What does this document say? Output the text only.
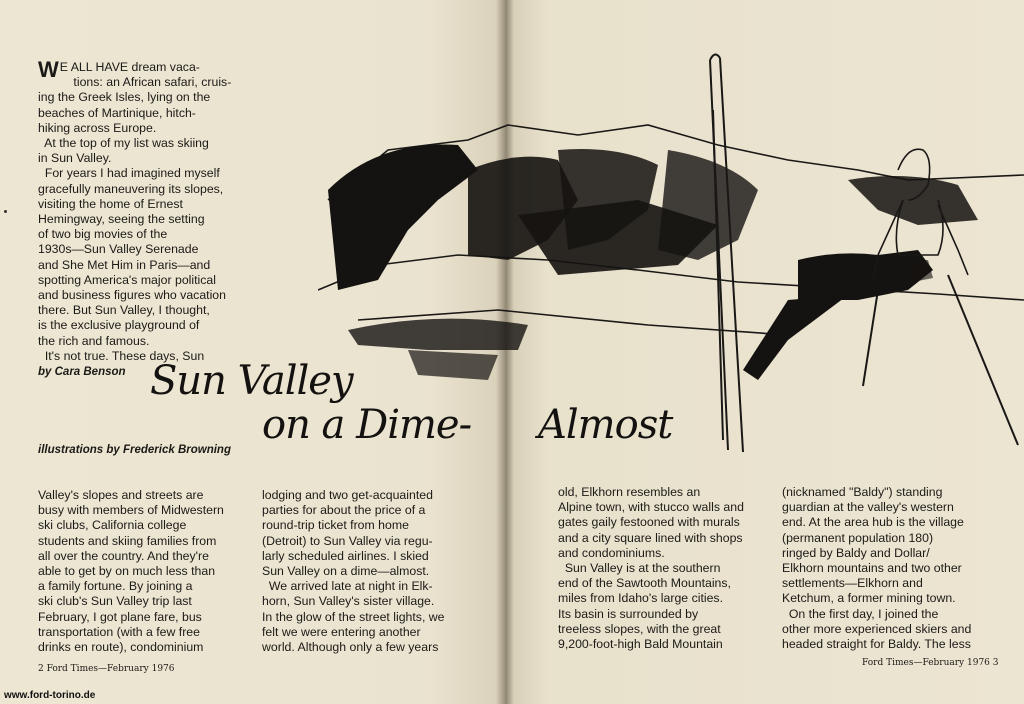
W E ALL HAVE dream vaca-
tions: an African safari, cruis-
ing the Greek Isles, lying on the
beaches of Martinique, hitch-
hiking across Europe.
At the top of my list was skiing
in Sun Valley.
For years I had imagined myself
gracefully maneuvering its slopes,
visiting the home of Ernest
Hemingway, seeing the setting
of two big movies of the
1930s—Sun Valley Serenade
and She Met Him in Paris—and
spotting America's major political
and business figures who vacation
there. But Sun Valley, I thought,
is the exclusive playground of
the rich and famous.
It's not true. These days, Sun
by Cara Benson
illustrations by Frederick Browning
Sun Valley
on a Dime- Almost
Valley's slopes and streets are
busy with members of Midwestern
ski clubs, California college
students and skiing families from
all over the country. And they're
able to get by on much less than
a family fortune. By joining a
ski club's Sun Valley trip last
February, I got plane fare, bus
transportation (with a few free
drinks en route), condominium
lodging and two get-acquainted
parties for about the price of a
round-trip ticket from home
(Detroit) to Sun Valley via regu-
larly scheduled airlines. I skied
Sun Valley on a dime—almost.
We arrived late at night in Elk-
horn, Sun Valley's sister village.
In the glow of the street lights, we
felt we were entering another
world. Although only a few years
old, Elkhorn resembles an
Alpine town, with stucco walls and
gates gaily festooned with murals
and a city square lined with shops
and condominiums.
Sun Valley is at the southern
end of the Sawtooth Mountains,
miles from Idaho's large cities.
Its basin is surrounded by
treeless slopes, with the great
9,200-foot-high Bald Mountain
(nicknamed "Baldy") standing
guardian at the valley's western
end. At the area hub is the village
(permanent population 180)
ringed by Baldy and Dollar/
Elkhorn mountains and two other
settlements—Elkhorn and
Ketchum, a former mining town.
On the first day, I joined the
other more experienced skiers and
headed straight for Baldy. The less
2 Ford Times—February 1976
Ford Times—February 1976 3
www.ford-torino.de
